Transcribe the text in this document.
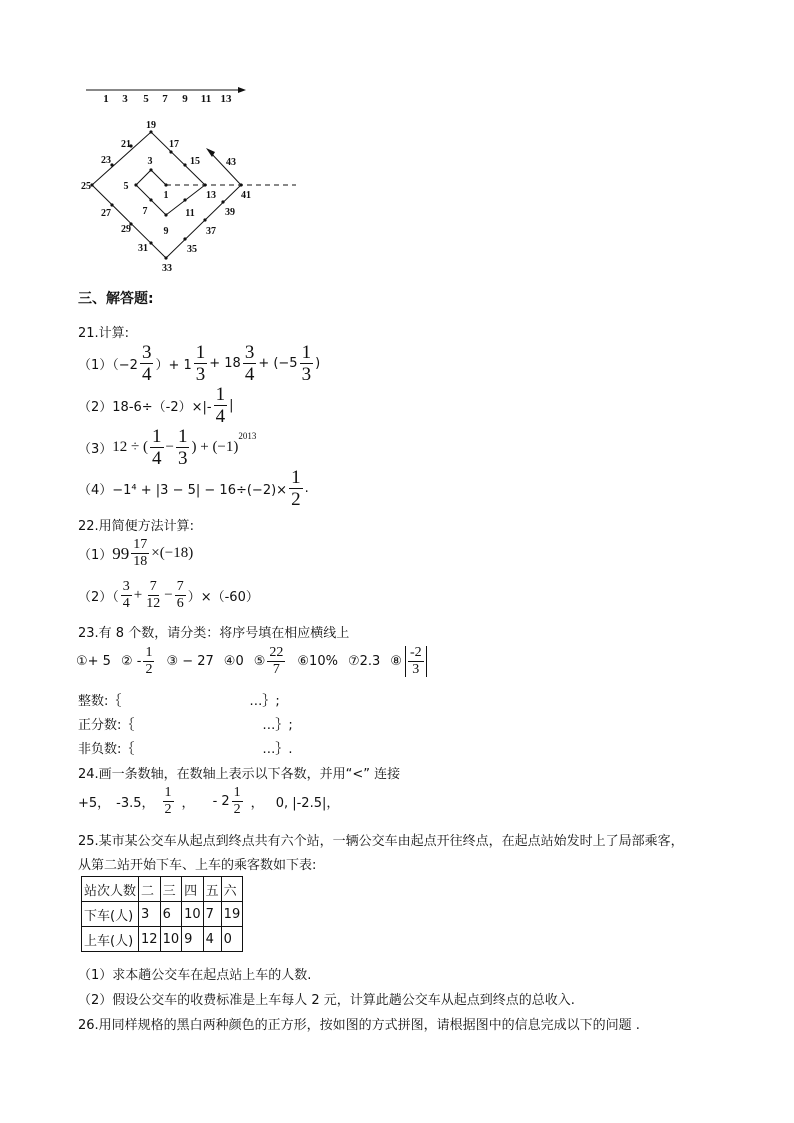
1 3 5 7 9 11 13
1
3
5
7
9
11
13
15
17
19
21
23
25
27
29
31
33
35
37
39
41
43
三、解答题:
21.计算:
$(1)(-2 \frac{3}{4}$ ）+ $1 \frac{1}{3} + 18 \frac{3}{4} + (-5 \frac{1}{3}$ )
$(2)18-6\div(-2)\times|- \frac{1}{4}$ |
（3） 12 ÷ ( $\frac{1}{4} - \frac{1}{3}$ ) + (−1)
$^{2013}$
$(4)-1^4 + |3 - 5| - 16\div(-2)\times \frac{1}{2}$ .
22.用简便方法计算:
（1） $99 \frac{17}{18} \times(-18)$
$(2)( \frac{3}{4} + \frac{7}{12} - \frac{7}{6} )\times(-60)$
23.有 8 个数，请分类：将序号填在相应横线上
①+ 5 ② - $\frac{1}{2}$ ③ − 27 ④0 ⑤ $\frac{22}{7}$ ⑥10% ⑦2.3 ⑧ $\frac{-2}{3}$
整数:｛	…｝;
正分数:｛	…｝;
非负数:｛	…｝.
24.画一条数轴，在数轴上表示以下各数，并用“<” 连接
+5， -3.5， $\frac{1}{2}$ ， - $2 \frac{1}{2}$ ， 0, |-2.5|，
25.某市某公交车从起点到终点共有六个站，一辆公交车由起点开往终点，在起点站始发时上了局部乘客，
从第二站开始下车、上车的乘客数如下表:
站次人数	二	三	四	五	六
下车(人)	3	6	10	7	19
上车(人)	12	10	9	4	0
（1）求本趟公交车在起点站上车的人数.
（2）假设公交车的收费标准是上车每人 2 元，计算此趟公交车从起点到终点的总收入.
26.用同样规格的黑白两种颜色的正方形，按如图的方式拼图，请根据图中的信息完成以下的问题 .
